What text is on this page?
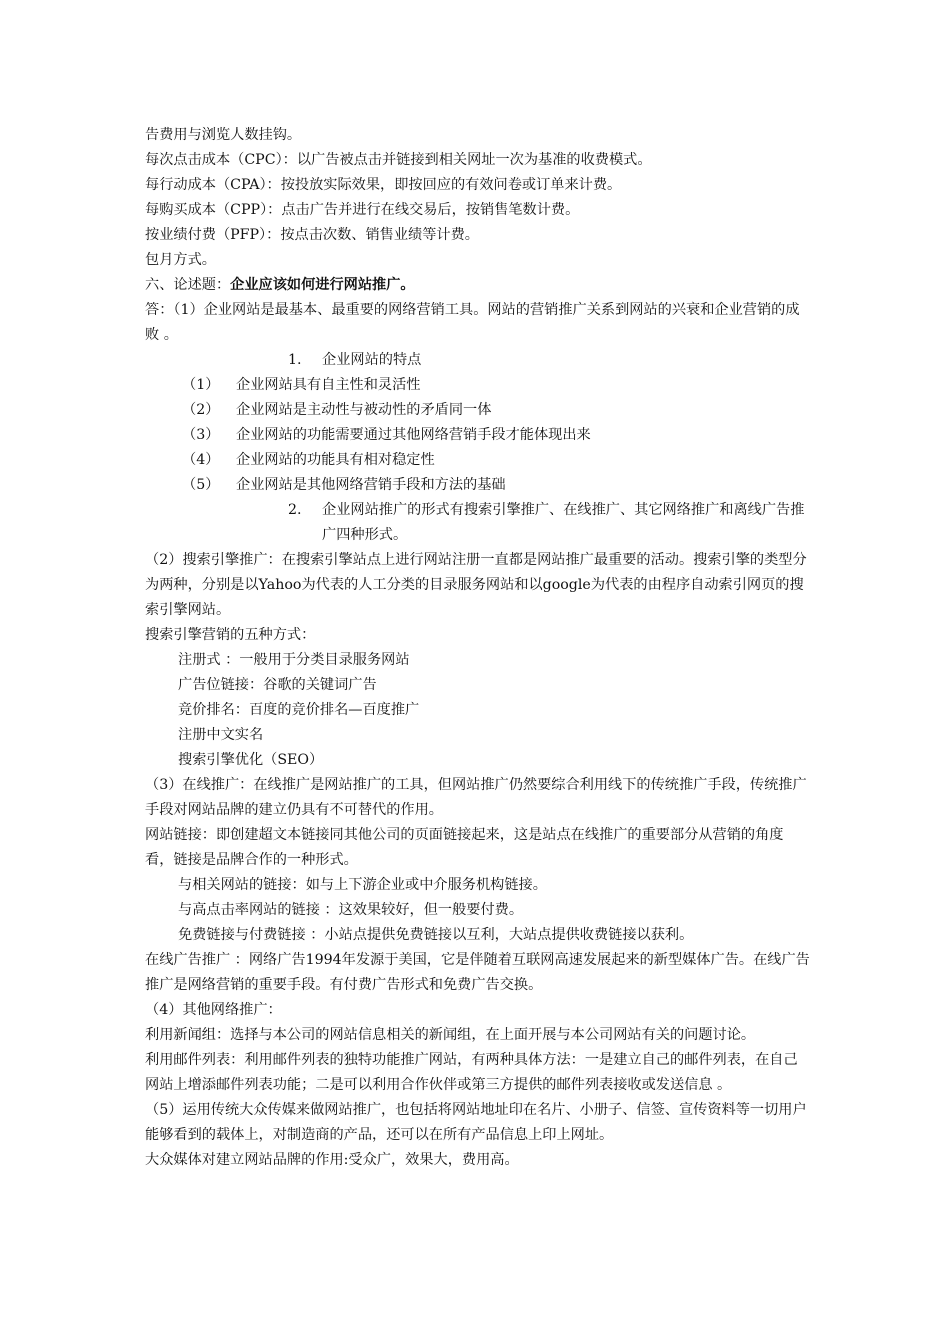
告费用与浏览人数挂钩。

每次点击成本（CPC）：以广告被点击并链接到相关网址一次为基准的收费模式。

每行动成本（CPA）：按投放实际效果，即按回应的有效问卷或订单来计费。

每购买成本（CPP）：点击广告并进行在线交易后，按销售笔数计费。

按业绩付费（PFP）：按点击次数、销售业绩等计费。

包月方式。

六、论述题：企业应该如何进行网站推广。

答：（1）企业网站是最基本、最重要的网络营销工具。网站的营销推广关系到网站的兴衰和企业营销的成败 。

1.	企业网站的特点
（1）	企业网站具有自主性和灵活性
（2）	企业网站是主动性与被动性的矛盾同一体
（3）	企业网站的功能需要通过其他网络营销手段才能体现出来
（4）	企业网站的功能具有相对稳定性
（5）	企业网站是其他网络营销手段和方法的基础
2.	企业网站推广的形式有搜索引擎推广、在线推广、其它网络推广和离线广告推广四种形式。

（2）搜索引擎推广：在搜索引擎站点上进行网站注册一直都是网站推广最重要的活动。搜索引擎的类型分为两种，分别是以Yahoo为代表的人工分类的目录服务网站和以google为代表的由程序自动索引网页的搜索引擎网站。

搜索引擎营销的五种方式：

注册式 ：一般用于分类目录服务网站

广告位链接：谷歌的关键词广告

竞价排名：百度的竞价排名—百度推广

注册中文实名

搜索引擎优化（SEO）

（3）在线推广：在线推广是网站推广的工具，但网站推广仍然要综合利用线下的传统推广手段，传统推广手段对网站品牌的建立仍具有不可替代的作用。

网站链接：即创建超文本链接同其他公司的页面链接起来，这是站点在线推广的重要部分从营销的角度看，链接是品牌合作的一种形式。

与相关网站的链接：如与上下游企业或中介服务机构链接。

与高点击率网站的链接 ：这效果较好，但一般要付费。

免费链接与付费链接 ：小站点提供免费链接以互利，大站点提供收费链接以获利。

在线广告推广 ：网络广告1994年发源于美国，它是伴随着互联网高速发展起来的新型媒体广告。在线广告推广是网络营销的重要手段。有付费广告形式和免费广告交换。

（4）其他网络推广：

利用新闻组：选择与本公司的网站信息相关的新闻组，在上面开展与本公司网站有关的问题讨论。

利用邮件列表：利用邮件列表的独特功能推广网站，有两种具体方法：一是建立自己的邮件列表，在自己网站上增添邮件列表功能；二是可以利用合作伙伴或第三方提供的邮件列表接收或发送信息 。

（5）运用传统大众传媒来做网站推广，也包括将网站地址印在名片、小册子、信签、宣传资料等一切用户能够看到的载体上，对制造商的产品，还可以在所有产品信息上印上网址。

大众媒体对建立网站品牌的作用:受众广，效果大，费用高。
